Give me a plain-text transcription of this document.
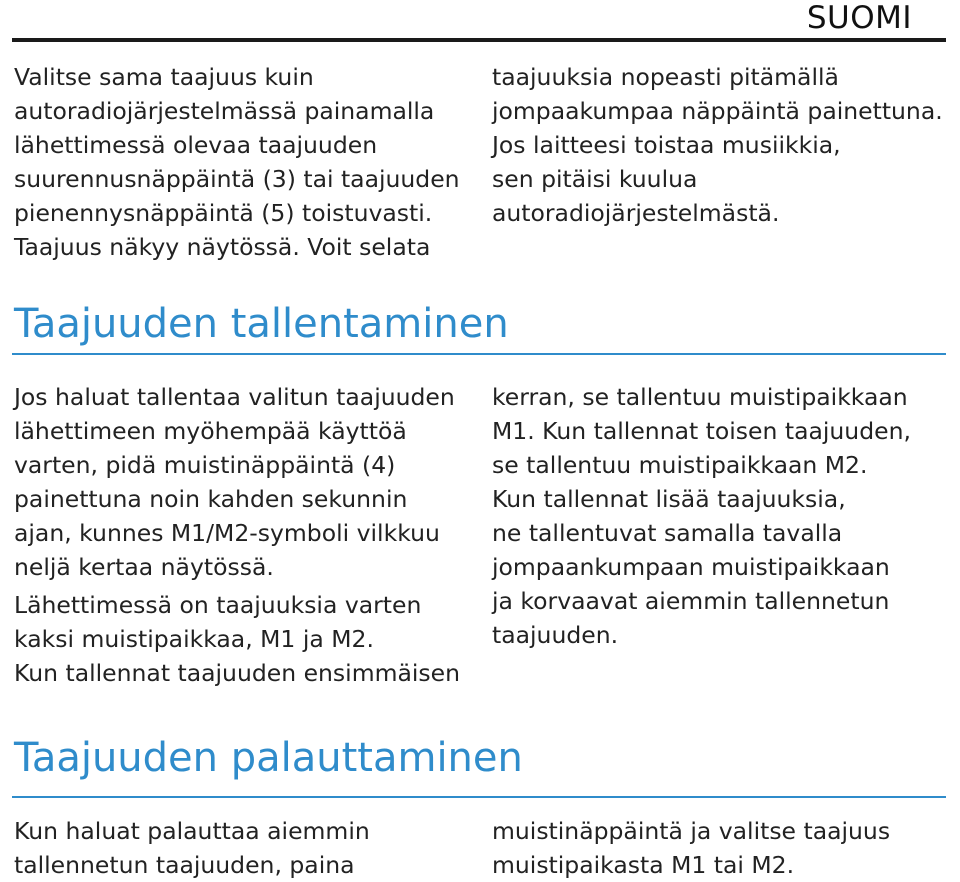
SUOMI

Valitse sama taajuus kuin
autoradiojärjestelmässä painamalla
lähettimessä olevaa taajuuden
suurennusnäppäintä (3) tai taajuuden
pienennysnäppäintä (5) toistuvasti.
Taajuus näkyy näytössä. Voit selata

taajuuksia nopeasti pitämällä
jompaakumpaa näppäintä painettuna.
Jos laitteesi toistaa musiikkia,
sen pitäisi kuulua
autoradiojärjestelmästä.

Taajuuden tallentaminen

Jos haluat tallentaa valitun taajuuden
lähettimeen myöhempää käyttöä
varten, pidä muistinäppäintä (4)
painettuna noin kahden sekunnin
ajan, kunnes M1/M2-symboli vilkkuu
neljä kertaa näytössä.

Lähettimessä on taajuuksia varten
kaksi muistipaikkaa, M1 ja M2.
Kun tallennat taajuuden ensimmäisen

kerran, se tallentuu muistipaikkaan
M1. Kun tallennat toisen taajuuden,
se tallentuu muistipaikkaan M2.
Kun tallennat lisää taajuuksia,
ne tallentuvat samalla tavalla
jompaankumpaan muistipaikkaan
ja korvaavat aiemmin tallennetun
taajuuden.

Taajuuden palauttaminen

Kun haluat palauttaa aiemmin
tallennetun taajuuden, paina

muistinäppäintä ja valitse taajuus
muistipaikasta M1 tai M2.
